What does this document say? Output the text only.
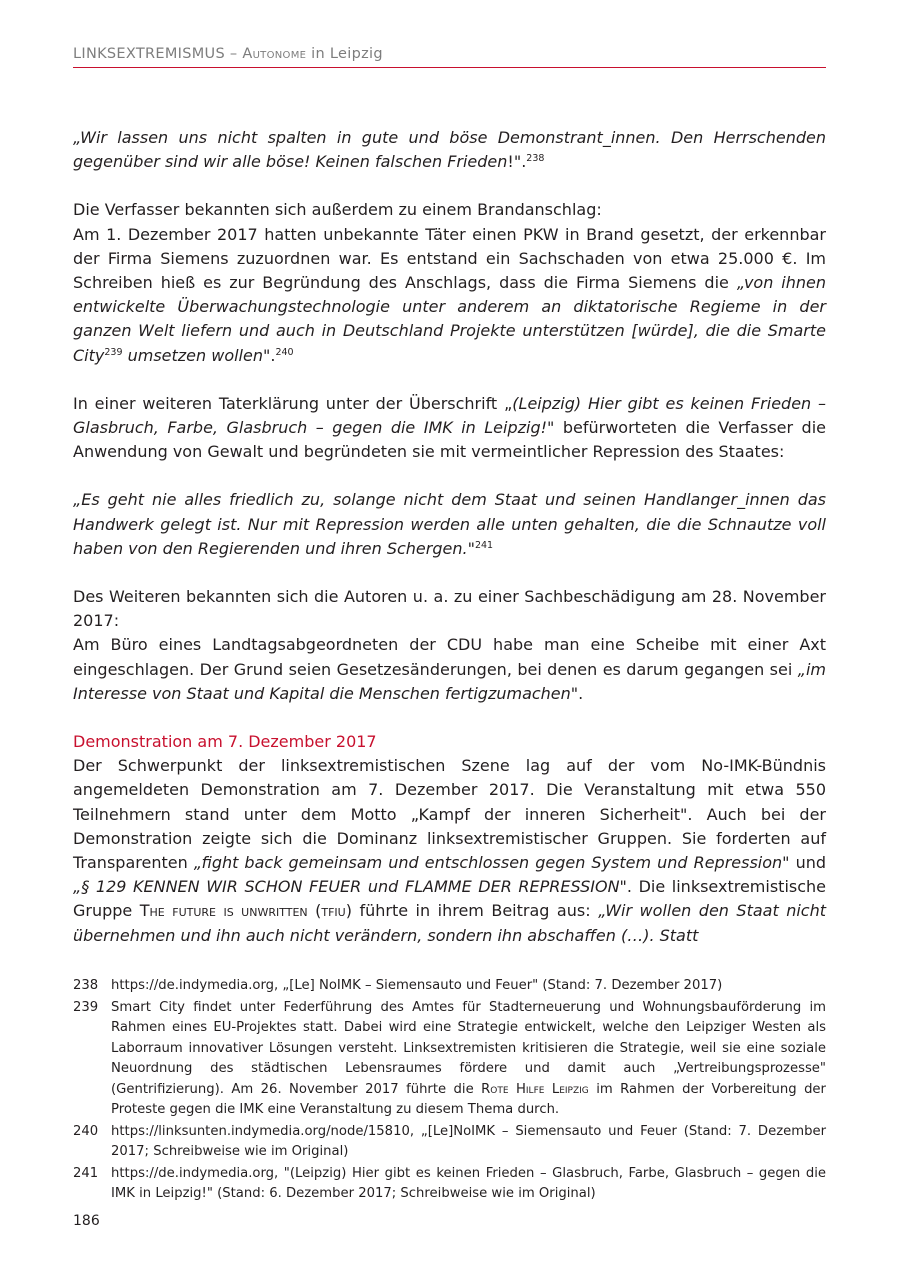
LINKSEXTREMISMUS – Autonome in Leipzig

„Wir lassen uns nicht spalten in gute und böse Demonstrant_innen. Den Herrschenden gegenüber sind wir alle böse! Keinen falschen Frieden!".$^{238}$

Die Verfasser bekannten sich außerdem zu einem Brandanschlag:

Am 1. Dezember 2017 hatten unbekannte Täter einen PKW in Brand gesetzt, der erkennbar der Firma Siemens zuzuordnen war. Es entstand ein Sachschaden von etwa 25.000 €. Im Schreiben hieß es zur Begründung des Anschlags, dass die Firma Siemens die „von ihnen entwickelte Überwachungstechnologie unter anderem an diktatorische Regieme in der ganzen Welt liefern und auch in Deutschland Projekte unterstützen [würde], die die Smarte City$^{239}$ umsetzen wollen".$^{240}$

In einer weiteren Taterklärung unter der Überschrift „(Leipzig) Hier gibt es keinen Frieden – Glasbruch, Farbe, Glasbruch – gegen die IMK in Leipzig!" befürworteten die Verfasser die Anwendung von Gewalt und begründeten sie mit vermeintlicher Repression des Staates:

„Es geht nie alles friedlich zu, solange nicht dem Staat und seinen Handlanger_innen das Handwerk gelegt ist. Nur mit Repression werden alle unten gehalten, die die Schnautze voll haben von den Regierenden und ihren Schergen."$^{241}$

Des Weiteren bekannten sich die Autoren u. a. zu einer Sachbeschädigung am 28. November 2017:

Am Büro eines Landtagsabgeordneten der CDU habe man eine Scheibe mit einer Axt eingeschlagen. Der Grund seien Gesetzesänderungen, bei denen es darum gegangen sei „im Interesse von Staat und Kapital die Menschen fertigzumachen".

Demonstration am 7. Dezember 2017

Der Schwerpunkt der linksextremistischen Szene lag auf der vom No-IMK-Bündnis angemeldeten Demonstration am 7. Dezember 2017. Die Veranstaltung mit etwa 550 Teilnehmern stand unter dem Motto „Kampf der inneren Sicherheit". Auch bei der Demonstration zeigte sich die Dominanz linksextremistischer Gruppen. Sie forderten auf Transparenten „fight back gemeinsam und entschlossen gegen System und Repression" und „§ 129 KENNEN WIR SCHON FEUER und FLAMME DER REPRESSION". Die linksextremistische Gruppe The future is unwritten (tfiu) führte in ihrem Beitrag aus: „Wir wollen den Staat nicht übernehmen und ihn auch nicht verändern, sondern ihn abschaffen (…). Statt

238 https://de.indymedia.org, „[Le] NoIMK – Siemensauto und Feuer" (Stand: 7. Dezember 2017)
239 Smart City findet unter Federführung des Amtes für Stadterneuerung und Wohnungsbauförderung im Rahmen eines EU-Projektes statt. Dabei wird eine Strategie entwickelt, welche den Leipziger Westen als Laborraum innovativer Lösungen versteht. Linksextremisten kritisieren die Strategie, weil sie eine soziale Neuordnung des städtischen Lebensraumes fördere und damit auch „Vertreibungsprozesse" (Gentrifizierung). Am 26. November 2017 führte die Rote Hilfe Leipzig im Rahmen der Vorbereitung der Proteste gegen die IMK eine Veranstaltung zu diesem Thema durch.
240 https://linksunten.indymedia.org/node/15810, „[Le]NoIMK – Siemensauto und Feuer (Stand: 7. Dezember 2017; Schreibweise wie im Original)
241 https://de.indymedia.org, "(Leipzig) Hier gibt es keinen Frieden – Glasbruch, Farbe, Glasbruch – gegen die IMK in Leipzig!" (Stand: 6. Dezember 2017; Schreibweise wie im Original)
186
